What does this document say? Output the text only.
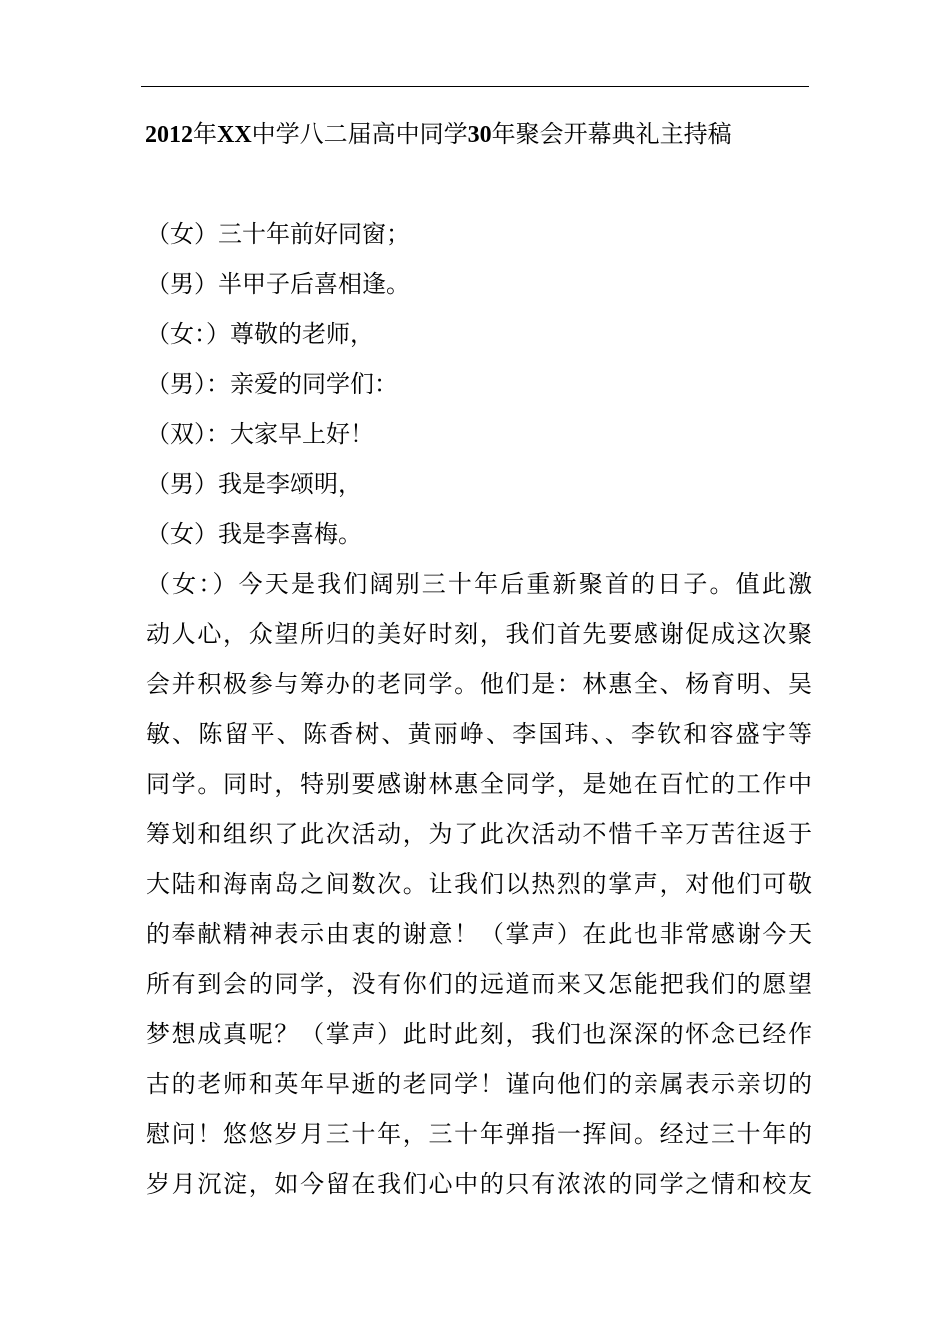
2012年XX中学八二届高中同学30年聚会开幕典礼主持稿
（女）三十年前好同窗；
（男）半甲子后喜相逢。
（女：）尊敬的老师，
（男）：亲爱的同学们：
（双）：大家早上好！
（男）我是李颂明，
（女）我是李喜梅。
（女：）今天是我们阔别三十年后重新聚首的日子。值此激
动人心，众望所归的美好时刻，我们首先要感谢促成这次聚
会并积极参与筹办的老同学。他们是：林惠全、杨育明、吴
敏、陈留平、陈香树、黄丽峥、李国玮、、李钦和容盛宇等
同学。同时，特别要感谢林惠全同学，是她在百忙的工作中
筹划和组织了此次活动，为了此次活动不惜千辛万苦往返于
大陆和海南岛之间数次。让我们以热烈的掌声，对他们可敬
的奉献精神表示由衷的谢意！（掌声）在此也非常感谢今天
所有到会的同学，没有你们的远道而来又怎能把我们的愿望
梦想成真呢？（掌声）此时此刻，我们也深深的怀念已经作
古的老师和英年早逝的老同学！谨向他们的亲属表示亲切的
慰问！悠悠岁月三十年，三十年弹指一挥间。经过三十年的
岁月沉淀，如今留在我们心中的只有浓浓的同学之情和校友
